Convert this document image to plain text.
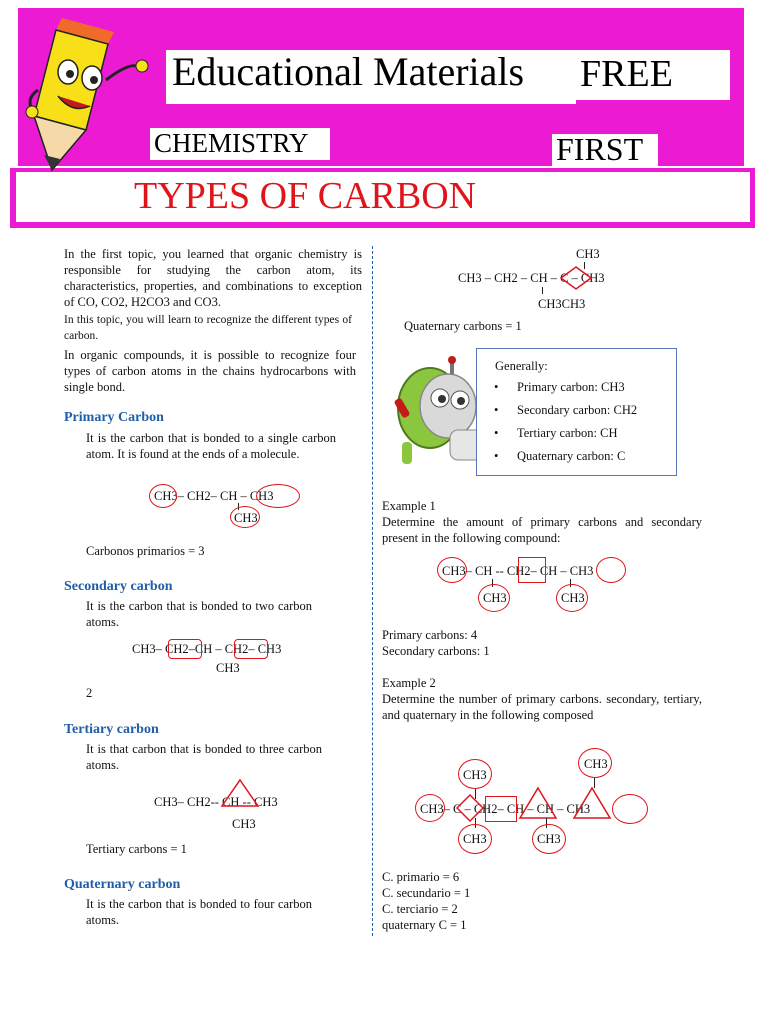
Educational Materials FREE
CHEMISTRY	FIRST
TYPES OF CARBON
In the first topic, you learned that organic chemistry is responsible for studying the carbon atom, its characteristics, properties, and combinations to exception of CO, CO2, H2CO3 and CO3.
In this topic, you will learn to recognize the different types of carbon.
In organic compounds, it is possible to recognize four types of carbon atoms in the chains hydrocarbons with single bond.
Primary Carbon
It is the carbon that is bonded to a single carbon atom. It is found at the ends of a molecule.
CH3– CH2– CH – CH3
CH3
Carbonos primarios = 3
Secondary carbon
It is the carbon that is bonded to two carbon atoms.
CH3– CH2–CH – CH2– CH3
CH3
2
Tertiary carbon
It is that carbon that is bonded to three carbon atoms.
CH3– CH2-- CH -- CH3
CH3
Tertiary carbons = 1
Quaternary carbon
It is the carbon that is bonded to four carbon atoms.
CH3
CH3 – CH2 – CH – C – CH3
CH3CH3
Quaternary carbons = 1
Generally:
• Primary carbon: CH3
• Secondary carbon: CH2
• Tertiary carbon: CH
• Quaternary carbon: C
Example 1
Determine the amount of primary carbons and secondary present in the following compound:
CH3– CH -- CH2– CH – CH3
CH3	CH3
Primary carbons: 4
Secondary carbons: 1
Example 2
Determine the number of primary carbons. secondary, tertiary, and quaternary in the following composed
CH3
CH3
CH3– C – CH2– CH – CH – CH3
CH3	CH3
C. primario = 6
C. secundario = 1
C. terciario = 2
quaternary C = 1
